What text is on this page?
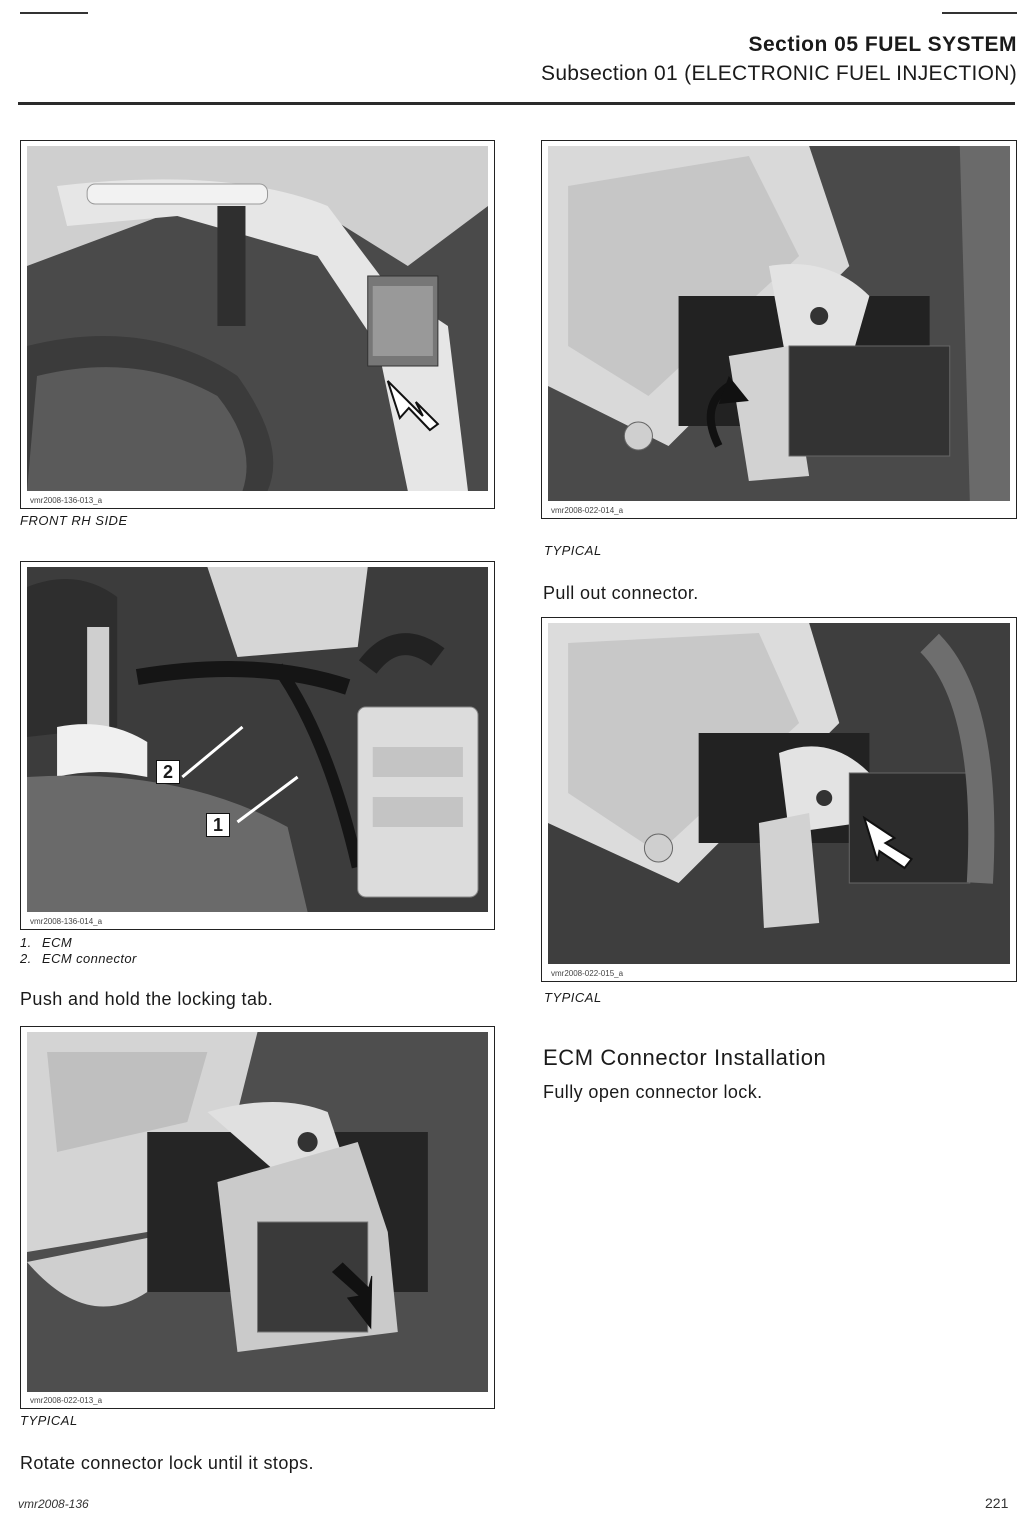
Section 05 FUEL SYSTEM
Subsection 01 (ELECTRONIC FUEL INJECTION)
vmr2008-136-013_a
FRONT RH SIDE
2
1
vmr2008-136-014_a
1. ECM
2. ECM connector
Push and hold the locking tab.
vmr2008-022-013_a
TYPICAL
Rotate connector lock until it stops.
vmr2008-022-014_a
TYPICAL
Pull out connector.
vmr2008-022-015_a
TYPICAL
ECM Connector Installation
Fully open connector lock.
vmr2008-136	221
